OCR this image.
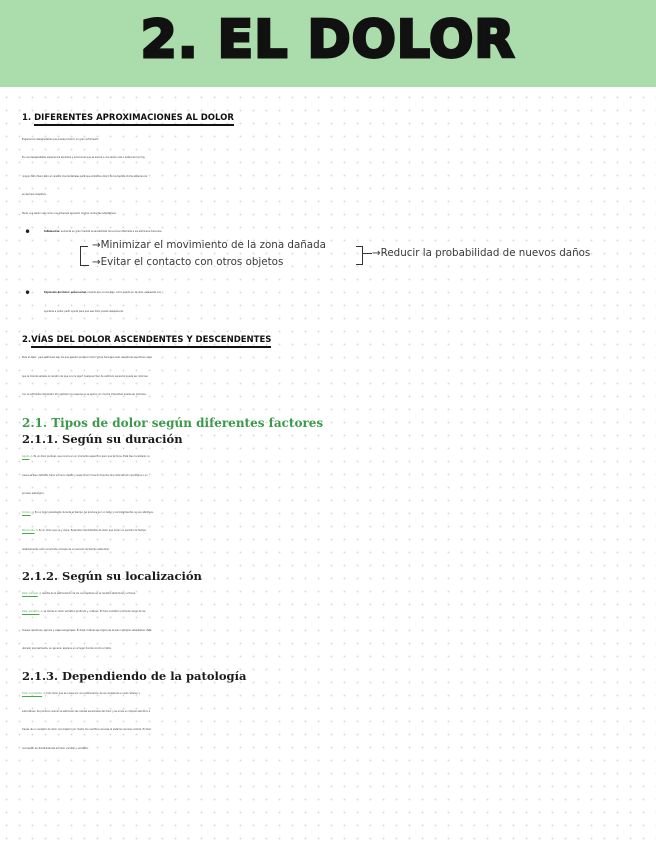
2. EL DOLOR
1. DIFERENTES APROXIMACIONES AL DOLOR

Experiencia desagradable que puede producir un gran sufrimiento

Es una desagradable experiencia sensitiva y emocional que se asocia a una lesión real o potencial (no hay

ningún daño físico pero el cerebro manda señales para que sintamos dolor) de los tejidos. Dicha experiencia

es siempre subjetiva.

Tanto una lesión real como una amenaza de lesión origina conductas adaptativas.

• Inflamación: aumenta en gran medida la sensibilidad de la zona inflamada a los estímulos dolorosos

→Minimizar el movimiento de la zona dañada
→Evitar el contacto con otros objetos
→Reducir la probabilidad de nuevos daños

• Expresión del dolor: señal social. Cuando nos ocurre algo, como caerte en la calle, esta señal nos

ayudaría a poder pedir ayuda para que ese dolor pueda desaparecer.

2.VÍAS DEL DOLOR ASCENDENTES Y DESCENDENTES

Para el dolor, ¿qué estímulos son los que pueden producir dolor? ¿Qué hace que esos receptores se activen para

que le mande señales al cerebro de que ocurre algo? Cualquier tipo de estímulo sensorial puede ser doloroso

con la suficiente intensidad. Por ejemplo una esponja si se aplica con mucha intensidad puede ser dolorosa.

2.1. Tipos de dolor según diferentes factores
2.1.1. Según su duración

Agudo -> Es un dolor puntual, que ocurre en un momento específico pero que termina. Está bien localizado, la

causa es bien definida, tiene un inicio rápido y suele ocurrir tras un trauma, una intervención quirúrgica o un

proceso patológico.

Crónico -> Es un dolor persistente durante el tiempo. Se produce por un daño y los tratamientos no son efectivos.

Recurrente -> Es un dolor que va y viene. Episodios intermitentes de dolor que duran un periodo de tiempo

relativamente corto recurrente a través de un periodo de tiempo extendido.

2.1.2. Según su localización

Dolor visceral -> resulta de la estimulación de los nociceptores en la cavidad abdominal y el torax.

Dolor somático -> se divide en dolor somático profundo y cutáneo. El dolor somático profundo surge de los

huesos, tendones, nervios y vasos sanguíneos. El dolor cutáneo se origina en la piel o el tejido subcutáneo. Está

ubicado precisamente, en general, aparece en el lugar donde ocurrió el daño.

2.1.3. Dependiendo de la patología

Dolor nociceptivo -> todo dolor que se cause por una estimulación de los receptores a nivel cutáneo y

subcutáneo. Se produce cuando se estimulan las células sensoriales del dolor y se envía un impulso eléctrico a

través de un receptor de dolor (nociceptor) por medio de una fibra nerviosa al sistema nervioso central. El dolor

nociceptor se divide además en dolor visceral y somático.
